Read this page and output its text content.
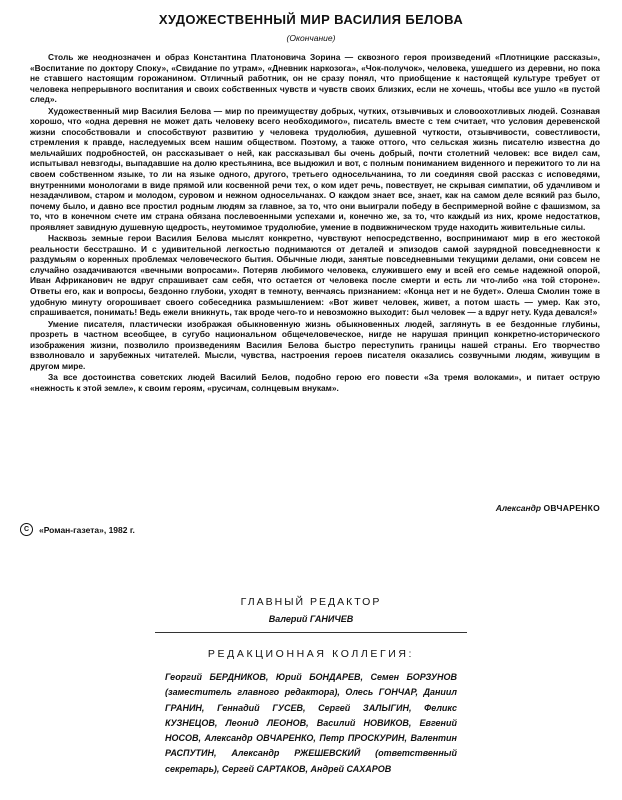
ХУДОЖЕСТВЕННЫЙ МИР ВАСИЛИЯ БЕЛОВА
(Окончание)

Столь же неоднозначен и образ Константина Платоновича Зорина — сквозного героя произведений «Плотницкие рассказы», «Воспитание по доктору Споку», «Свидание по утрам», «Дневник наркозога», «Чок-получок», человека, ушедшего из деревни, но пока не ставшего настоящим горожанином. Отличный работник, он не сразу понял, что приобщение к настоящей культуре требует от человека непрерывного воспитания и своих собственных чувств и чувств своих близких, если не хочешь, чтобы все ушло «в пустой след».

Художественный мир Василия Белова — мир по преимуществу добрых, чутких, отзывчивых и словоохотливых людей. Сознавая хорошо, что «одна деревня не может дать человеку всего необходимого», писатель вместе с тем считает, что условия деревенской жизни способствовали и способствуют развитию у человека трудолюбия, душевной чуткости, отзывчивости, совестливости, стремления к правде, наследуемых всем нашим обществом. Поэтому, а также оттого, что сельская жизнь писателю известна до мельчайших подробностей, он рассказывает о ней, как рассказывал бы очень добрый, почти столетний человек: все видел сам, испытывал невзгоды, выпадавшие на долю крестьянина, все выдюжил и вот, с полным пониманием виденного и пережитого то ли на своем собственном языке, то ли на языке одного, другого, третьего односельчанина, то ли соединяя свой рассказ с исповедями, внутренними монологами в виде прямой или косвенной речи тех, о ком идет речь, повествует, не скрывая симпатии, об удачливом и незадачливом, старом и молодом, суровом и нежном односельчанах. О каждом знает все, знает, как на самом деле всякий раз было, почему было, и давно все простил родным людям за главное, за то, что они выиграли победу в беспримерной войне с фашизмом, за то, что в конечном счете им страна обязана послевоенными успехами и, конечно же, за то, что каждый из них, кроме недостатков, проявляет завидную душевную щедрость, неутомимое трудолюбие, умение в подвижническом труде находить живительные силы.

Насквозь земные герои Василия Белова мыслят конкретно, чувствуют непосредственно, воспринимают мир в его жестокой реальности бесстрашно. И с удивительной легкостью поднимаются от деталей и эпизодов самой заурядной повседневности к раздумьям о коренных проблемах человеческого бытия. Обычные люди, занятые повседневными текущими делами, они совсем не случайно озадачиваются «вечными вопросами». Потеряв любимого человека, служившего ему и всей его семье надежной опорой, Иван Африканович не вдруг спрашивает сам себя, что остается от человека после смерти и есть ли что-либо «на той стороне». Ответы его, как и вопросы, бездонно глубоки, уходят в темноту, венчаясь признанием: «Конца нет и не будет». Олеша Смолин тоже в удобную минуту огорошивает своего собеседника размышлением: «Вот живет человек, живет, а потом шасть — умер. Как это, спрашивается, понимать! Ведь ежели вникнуть, так вроде чего-то и невозможно выходит: был человек — а вдруг нету. Куда девался!»

Умение писателя, пластически изображая обыкновенную жизнь обыкновенных людей, заглянуть в ее бездонные глубины, прозреть в частном всеобщее, в сугубо национальном общечеловеческое, нигде не нарушая принцип конкретно-исторического изображения жизни, позволило произведениям Василия Белова быстро переступить границы нашей страны. Его творчество взволновало и зарубежных читателей. Мысли, чувства, настроения героев писателя оказались созвучными людям, живущим в другом мире.

За все достоинства советских людей Василий Белов, подобно герою его повести «За тремя волоками», и питает острую «нежность к этой земле», к своим героям, «русичам, солнцевым внукам».

Александр ОВЧАРЕНКО
C	«Роман-газета», 1982 г.
ГЛАВНЫЙ РЕДАКТОР
Валерий ГАНИЧЕВ
РЕДАКЦИОННАЯ КОЛЛЕГИЯ:
Георгий БЕРДНИКОВ, Юрий БОНДАРЕВ, Семен БОРЗУНОВ
(заместитель главного редактора), Олесь ГОНЧАР, Даниил
ГРАНИН, Геннадий ГУСЕВ, Сергей ЗАЛЫГИН, Феликс
КУЗНЕЦОВ, Леонид ЛЕОНОВ, Василий НОВИКОВ, Евгений
НОСОВ, Александр ОВЧАРЕНКО, Петр ПРОСКУРИН, Валентин
РАСПУТИН, Александр РЖЕШЕВСКИЙ (ответственный
секретарь), Сергей САРТАКОВ, Андрей САХАРОВ
